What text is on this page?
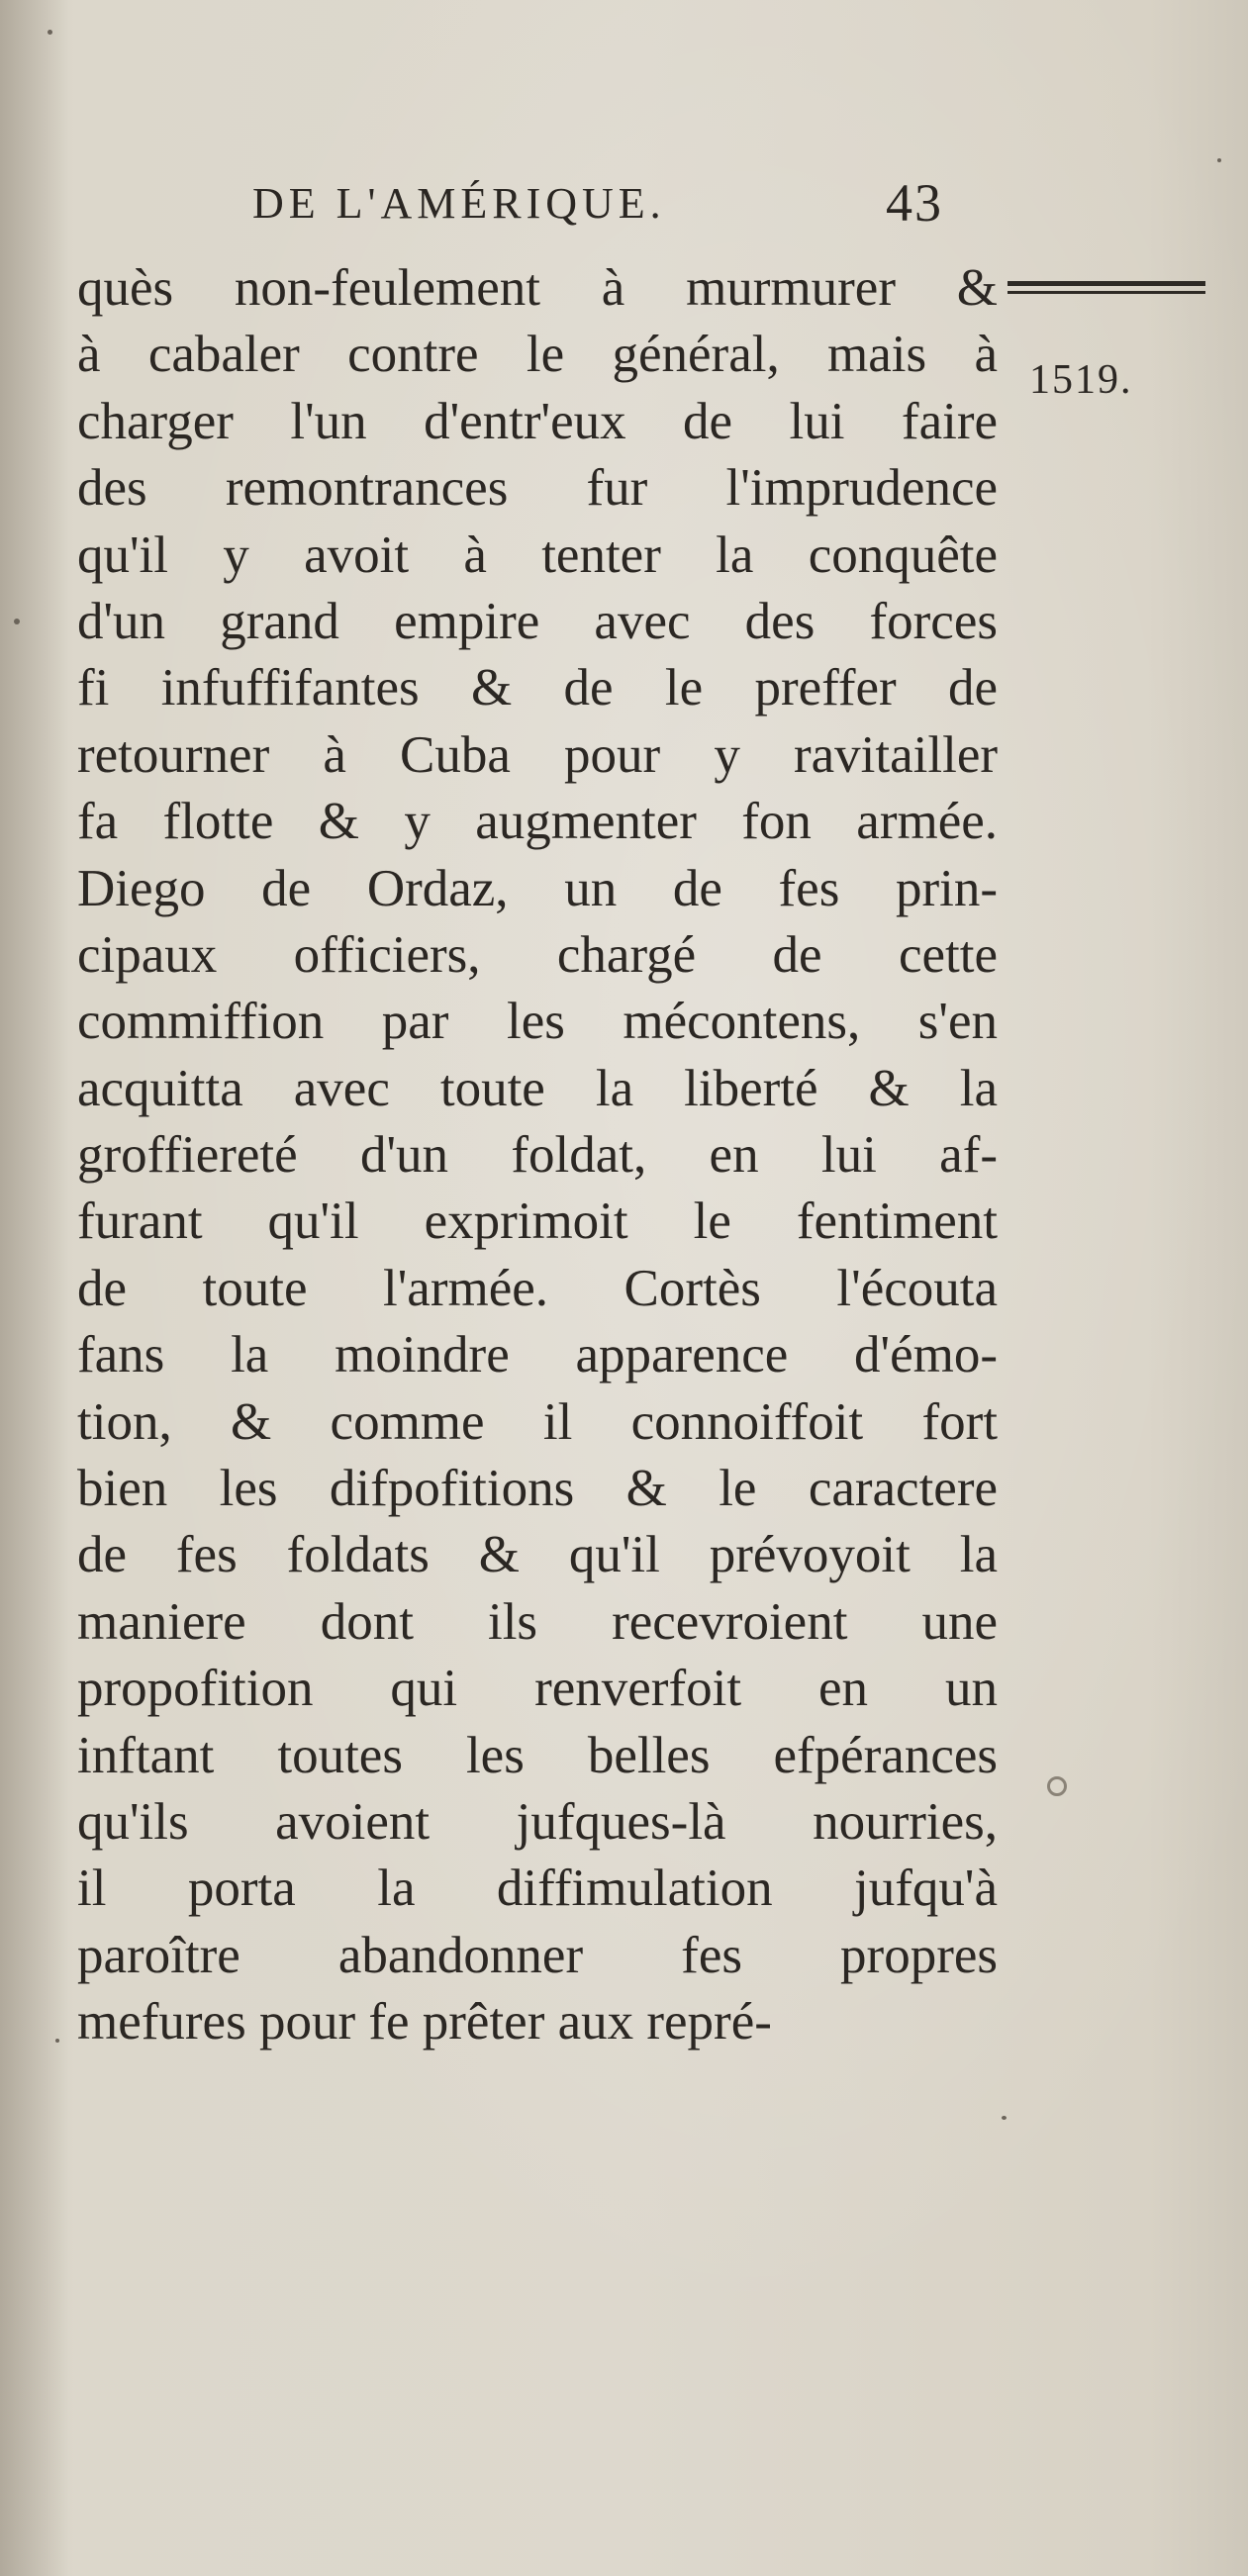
DE L'AMÉRIQUE.	43
1519.
quès non-feulement à murmurer &
à cabaler contre le général, mais à
charger l'un d'entr'eux de lui faire
des remontrances fur l'imprudence
qu'il y avoit à tenter la conquête
d'un grand empire avec des forces
fi infuffifantes & de le preffer de
retourner à Cuba pour y ravitailler
fa flotte & y augmenter fon armée.
Diego de Ordaz, un de fes prin-
cipaux officiers, chargé de cette
commiffion par les mécontens, s'en
acquitta avec toute la liberté & la
groffiereté d'un foldat, en lui af-
furant qu'il exprimoit le fentiment
de toute l'armée. Cortès l'écouta
fans la moindre apparence d'émo-
tion, & comme il connoiffoit fort
bien les difpofitions & le caractere
de fes foldats & qu'il prévoyoit la
maniere dont ils recevroient une
propofition qui renverfoit en un
inftant toutes les belles efpérances
qu'ils avoient jufques-là nourries,
il porta la diffimulation jufqu'à
paroître abandonner fes propres
mefures pour fe prêter aux repré-
